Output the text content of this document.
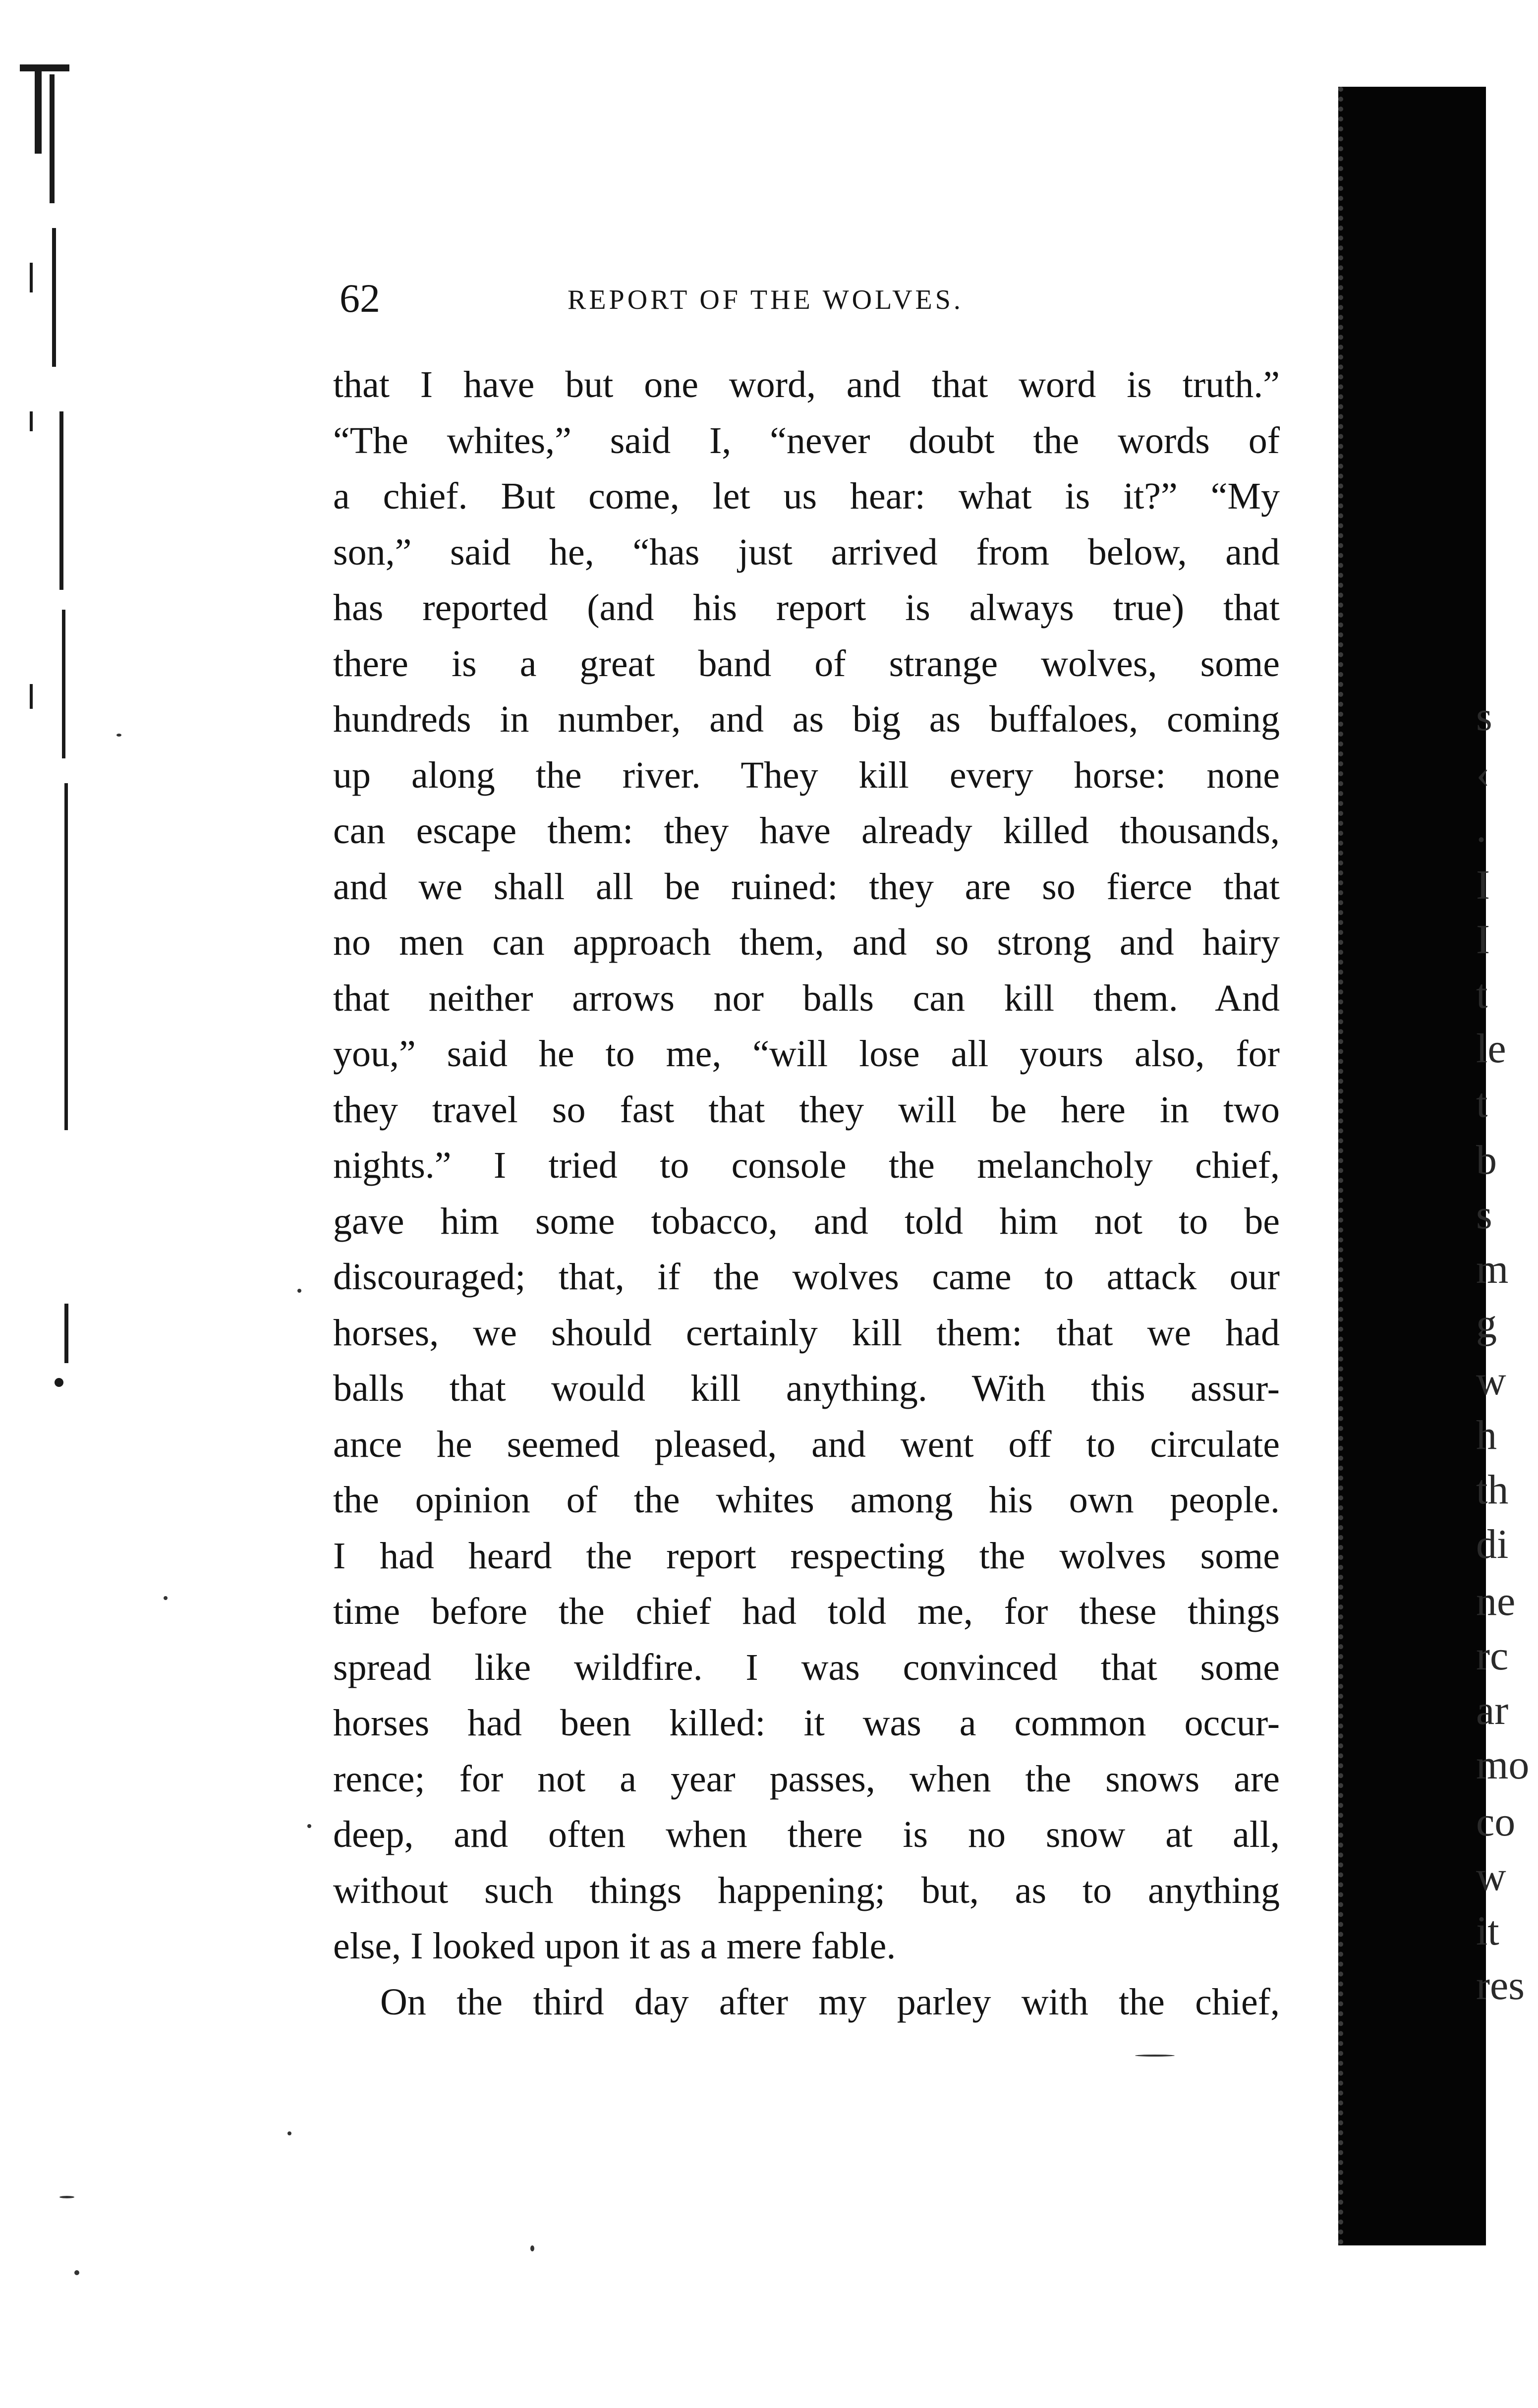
s
‹
.
I
I
t
le
t
b
s
m
g
w
h
th
di
ne
rc
ar
mo
co
w
it
res
62	REPORT OF THE WOLVES.
that I have but one word, and that word is truth.”
“The whites,” said I, “never doubt the words of
a chief. But come, let us hear: what is it?” “My
son,” said he, “has just arrived from below, and
has reported (and his report is always true) that
there is a great band of strange wolves, some
hundreds in number, and as big as buffaloes, coming
up along the river. They kill every horse: none
can escape them: they have already killed thousands,
and we shall all be ruined: they are so fierce that
no men can approach them, and so strong and hairy
that neither arrows nor balls can kill them. And
you,” said he to me, “will lose all yours also, for
they travel so fast that they will be here in two
nights.” I tried to console the melancholy chief,
gave him some tobacco, and told him not to be
discouraged; that, if the wolves came to attack our
horses, we should certainly kill them: that we had
balls that would kill anything. With this assur-
ance he seemed pleased, and went off to circulate
the opinion of the whites among his own people.
I had heard the report respecting the wolves some
time before the chief had told me, for these things
spread like wildfire. I was convinced that some
horses had been killed: it was a common occur-
rence; for not a year passes, when the snows are
deep, and often when there is no snow at all,
without such things happening; but, as to anything
else, I looked upon it as a mere fable.
On the third day after my parley with the chief,
